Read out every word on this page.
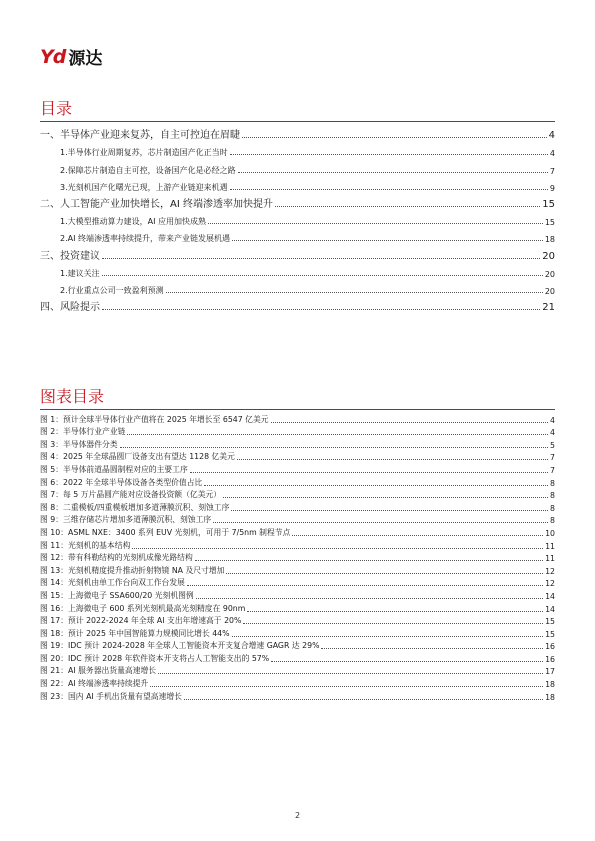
Yd 源达
目录
一、半导体产业迎来复苏，自主可控迫在眉睫	4
1.半导体行业周期复苏，芯片制造国产化正当时	4
2.保障芯片制造自主可控，设备国产化是必经之路	7
3.光刻机国产化曙光已现，上游产业链迎来机遇	9
二、人工智能产业加快增长，AI 终端渗透率加快提升	15
1.大模型推动算力建设，AI 应用加快成熟	15
2.AI 终端渗透率持续提升，带来产业链发展机遇	18
三、投资建议	20
1.建议关注	20
2.行业重点公司一致盈利预测	20
四、风险提示	21
图表目录
图 1：预计全球半导体行业产值将在 2025 年增长至 6547 亿美元	4
图 2：半导体行业产业链	4
图 3：半导体器件分类	5
图 4：2025 年全球晶圆厂设备支出有望达 1128 亿美元	7
图 5：半导体前道晶圆制程对应的主要工序	7
图 6：2022 年全球半导体设备各类型价值占比	8
图 7：每 5 万片晶圆产能对应设备投资额（亿美元）	8
图 8：二重模板/四重模板增加多道薄膜沉积、刻蚀工序	8
图 9：三维存储芯片增加多道薄膜沉积、刻蚀工序	8
图 10：ASML NXE：3400 系列 EUV 光刻机，可用于 7/5nm 制程节点	10
图 11：光刻机的基本结构	11
图 12：带有科勒结构的光刻机成像光路结构	11
图 13：光刻机精度提升推动折射物镜 NA 及尺寸增加	12
图 14：光刻机由单工作台向双工作台发展	12
图 15：上海微电子 SSA600/20 光刻机图例	14
图 16：上海微电子 600 系列光刻机最高光刻精度在 90nm	14
图 17：预计 2022-2024 年全球 AI 支出年增速高于 20%	15
图 18：预计 2025 年中国智能算力规模同比增长 44%	15
图 19：IDC 预计 2024-2028 年全球人工智能资本开支复合增速 GAGR 达 29%	16
图 20：IDC 预计 2028 年软件资本开支将占人工智能支出的 57%	16
图 21：AI 服务器出货量高速增长	17
图 22：AI 终端渗透率持续提升	18
图 23：国内 AI 手机出货量有望高速增长	18
2
